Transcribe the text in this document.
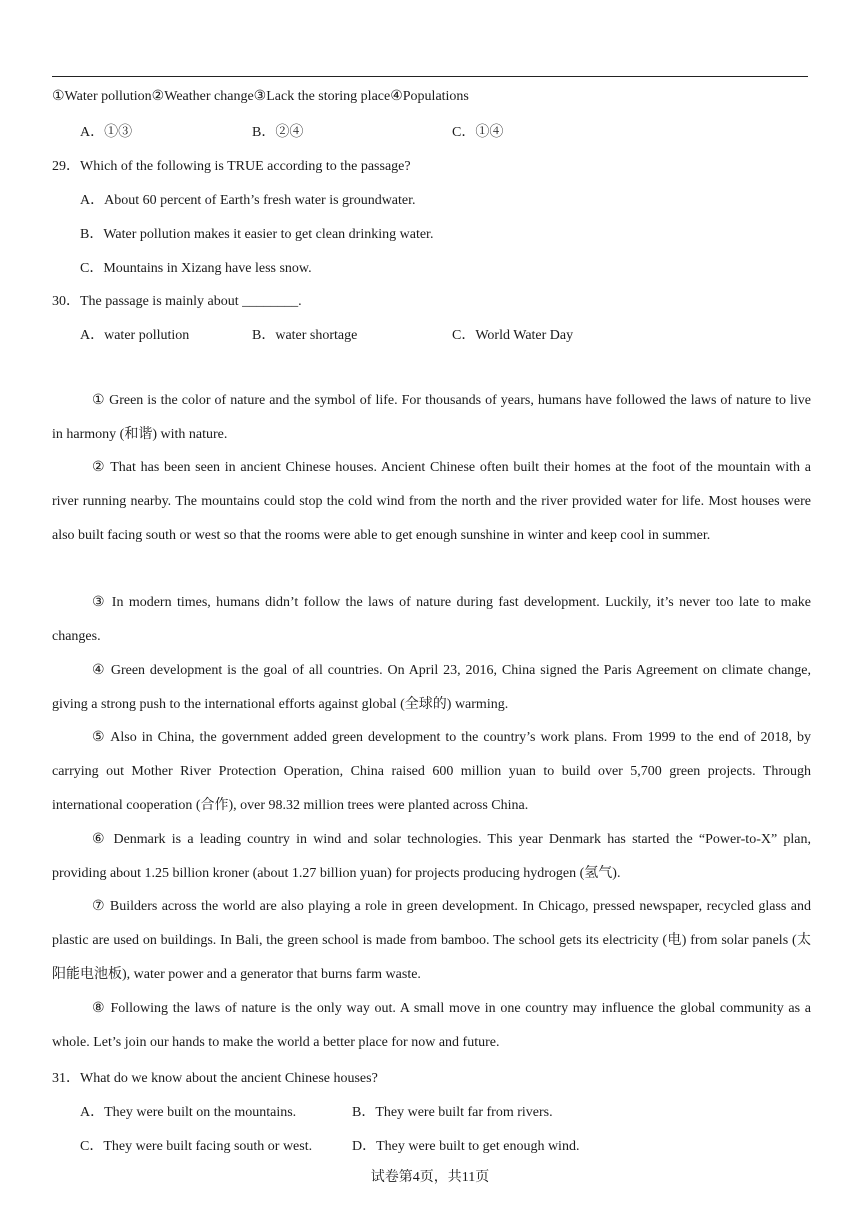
①Water pollution②Weather change③Lack the storing place④Populations
A．①③	B．②④	C．①④
29．Which of the following is TRUE according to the passage?
A．About 60 percent of Earth’s fresh water is groundwater.
B．Water pollution makes it easier to get clean drinking water.
C．Mountains in Xizang have less snow.
30．The passage is mainly about ________.
A．water pollution	B．water shortage	C．World Water Day

① Green is the color of nature and the symbol of life. For thousands of years, humans have followed the laws of nature to live in harmony (和谐) with nature.

② That has been seen in ancient Chinese houses. Ancient Chinese often built their homes at the foot of the mountain with a river running nearby. The mountains could stop the cold wind from the north and the river provided water for life. Most houses were also built facing south or west so that the rooms were able to get enough sunshine in winter and keep cool in summer.

③ In modern times, humans didn’t follow the laws of nature during fast development. Luckily, it’s never too late to make changes.

④ Green development is the goal of all countries. On April 23, 2016, China signed the Paris Agreement on climate change, giving a strong push to the international efforts against global (全球的) warming.

⑤ Also in China, the government added green development to the country’s work plans. From 1999 to the end of 2018, by carrying out Mother River Protection Operation, China raised 600 million yuan to build over 5,700 green projects. Through international cooperation (合作), over 98.32 million trees were planted across China.

⑥ Denmark is a leading country in wind and solar technologies. This year Denmark has started the “Power-to-X” plan, providing about 1.25 billion kroner (about 1.27 billion yuan) for projects producing hydrogen (氢气).

⑦ Builders across the world are also playing a role in green development. In Chicago, pressed newspaper, recycled glass and plastic are used on buildings. In Bali, the green school is made from bamboo. The school gets its electricity (电) from solar panels (太阳能电池板), water power and a generator that burns farm waste.

⑧ Following the laws of nature is the only way out. A small move in one country may influence the global community as a whole. Let’s join our hands to make the world a better place for now and future.

31．What do we know about the ancient Chinese houses?
A．They were built on the mountains.	B．They were built far from rivers.
C．They were built facing south or west.	D．They were built to get enough wind.
试卷第4页，共11页
